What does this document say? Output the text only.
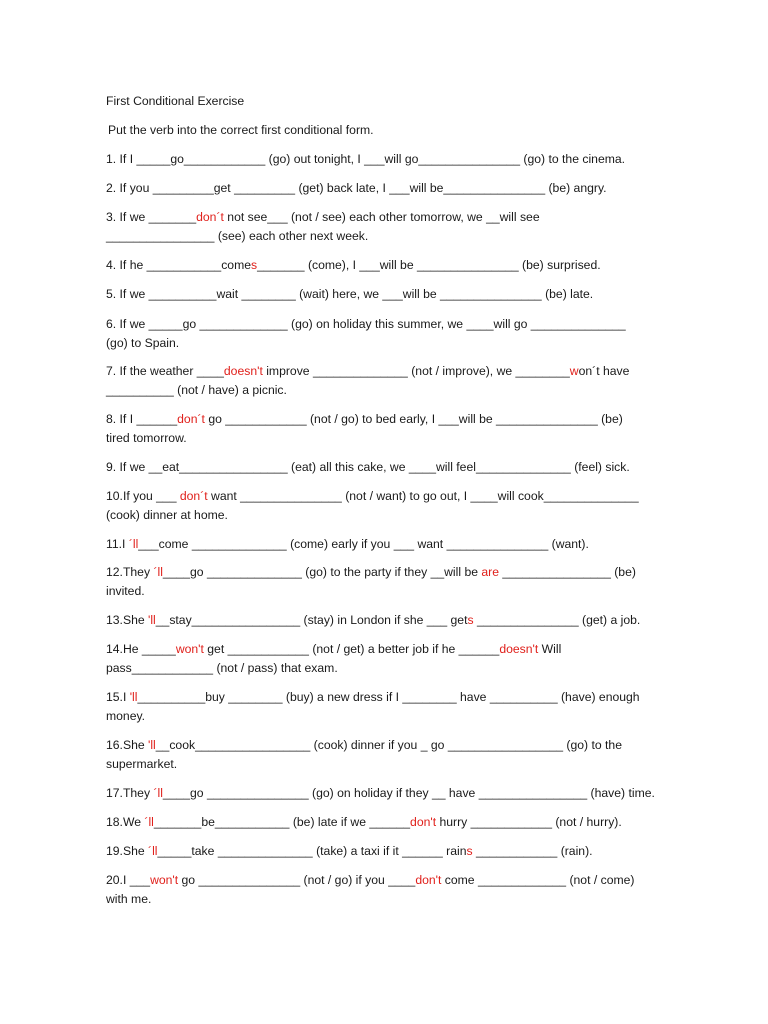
First Conditional Exercise
Put the verb into the correct first conditional form.
1. If I _____go____________ (go) out tonight, I ___will go_______________ (go) to the cinema.
2. If you _________get _________ (get) back late, I ___will be_______________ (be) angry.
3. If we _______don´t not see___ (not / see) each other tomorrow, we __will see
________________ (see) each other next week.
4. If he ___________comes_______ (come), I ___will be _______________ (be) surprised.
5. If we __________wait ________ (wait) here, we ___will be _______________ (be) late.
6. If we _____go _____________ (go) on holiday this summer, we ____will go ______________
(go) to Spain.
7. If the weather ____doesn't improve ______________ (not / improve), we ________won´t have
__________ (not / have) a picnic.
8. If I ______don´t go ____________ (not / go) to bed early, I ___will be _______________ (be)
tired tomorrow.
9. If we __eat________________ (eat) all this cake, we ____will feel______________ (feel) sick.
10.If you ___ don´t want _______________ (not / want) to go out, I ____will cook______________
(cook) dinner at home.
11.I ´ll___come ______________ (come) early if you ___ want _______________ (want).
12.They ´ll____go ______________ (go) to the party if they __will be are ________________ (be)
invited.
13.She 'll__stay________________ (stay) in London if she ___ gets _______________ (get) a job.
14.He _____won't get ____________ (not / get) a better job if he ______doesn't Will
pass____________ (not / pass) that exam.
15.I 'll__________buy ________ (buy) a new dress if I ________ have __________ (have) enough
money.
16.She 'll__cook_________________ (cook) dinner if you _ go _________________ (go) to the
supermarket.
17.They ´ll____go _______________ (go) on holiday if they __ have ________________ (have) time.
18.We ´ll_______be___________ (be) late if we ______don't hurry ____________ (not / hurry).
19.She ´ll_____take ______________ (take) a taxi if it ______ rains ____________ (rain).
20.I ___won't go _______________ (not / go) if you ____don't come _____________ (not / come)
with me.
